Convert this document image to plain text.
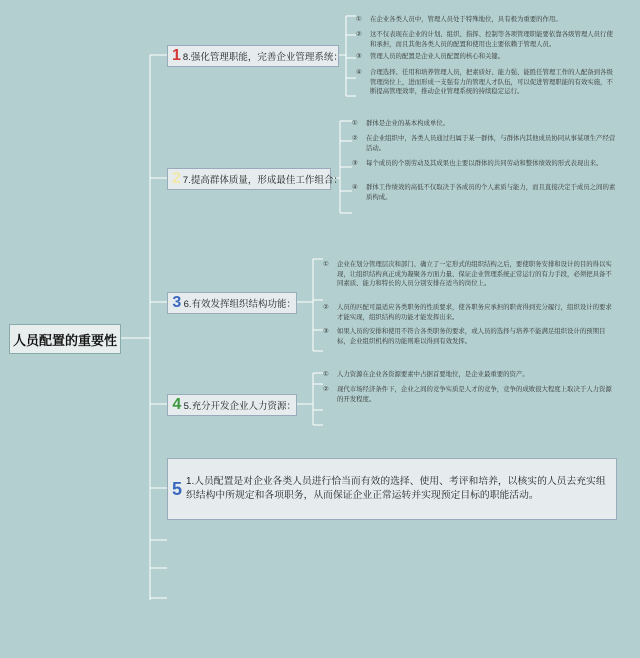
人员配置的重要性
1 8.强化管理职能，完善企业管理系统：
①	在企业各类人员中，管理人员处于特殊地位，具有极为重要的作用。
②	这不仅表现在企业的计划、组织、指挥、控制等各项管理职能要依靠各级管理人员行使和承担，而且其他各类人员的配置和使用也主要依赖于管理人员。
③	管理人员的配置是企业人员配置的核心和关键。
④	合理选择、任用和培养管理人员，把素质好、能力强、能胜任管理工作的人配备到各级管理岗位上，进而形成一支强有力的管理人才队伍，可以促进管理职能的有效实施，不断提高管理效率，推动企业管理系统的持续稳定运行。
2 7.提高群体质量，形成最佳工作组合：
①	群体是企业的基本构成单位。
②	在企业组织中，各类人员通过归属于某一群体，与群体内其他成员协同从事某项生产经营活动。
③	每个成员的个别劳动及其成果也主要以群体的共同劳动和整体绩效的形式表现出来。
④	群体工作绩效的高低不仅取决于各成员的个人素质与能力，而且直接决定于成员之间的素质构成。
3 6.有效发挥组织结构功能：
①	企业在划分管理层次和部门、确立了一定形式的组织结构之后，要使职务安排和设计的目的得以实现，让组织结构真正成为凝聚各方面力量、保证企业管理系统正常运行的有力手段，必须把具备不同素质、能力和特长的人员分别安排在适当的岗位上。
②	人员的匹配可最适应各类职务的性质要求，使各职务应承担的职责得到充分履行，组织设计的要求才能实现，组织结构的功能才能发挥出来。
③	如果人员的安排和使用不符合各类职务的要求，或人员的选择与培养不能满足组织设计的预期目标，企业组织机构的功能则难以得到有效发挥。
4 5.充分开发企业人力资源：
①	人力资源在企业各资源要素中占据首要地位，是企业最重要的资产。
②	现代市场经济条件下，企业之间的竞争实质是人才的竞争，竞争的成败很大程度上取决于人力资源的开发程度。
5 1.人员配置是对企业各类人员进行恰当而有效的选择、使用、考评和培养，以核实的人员去充实组织结构中所规定和各项职务，从而保证企业正常运转并实现预定目标的职能活动。
